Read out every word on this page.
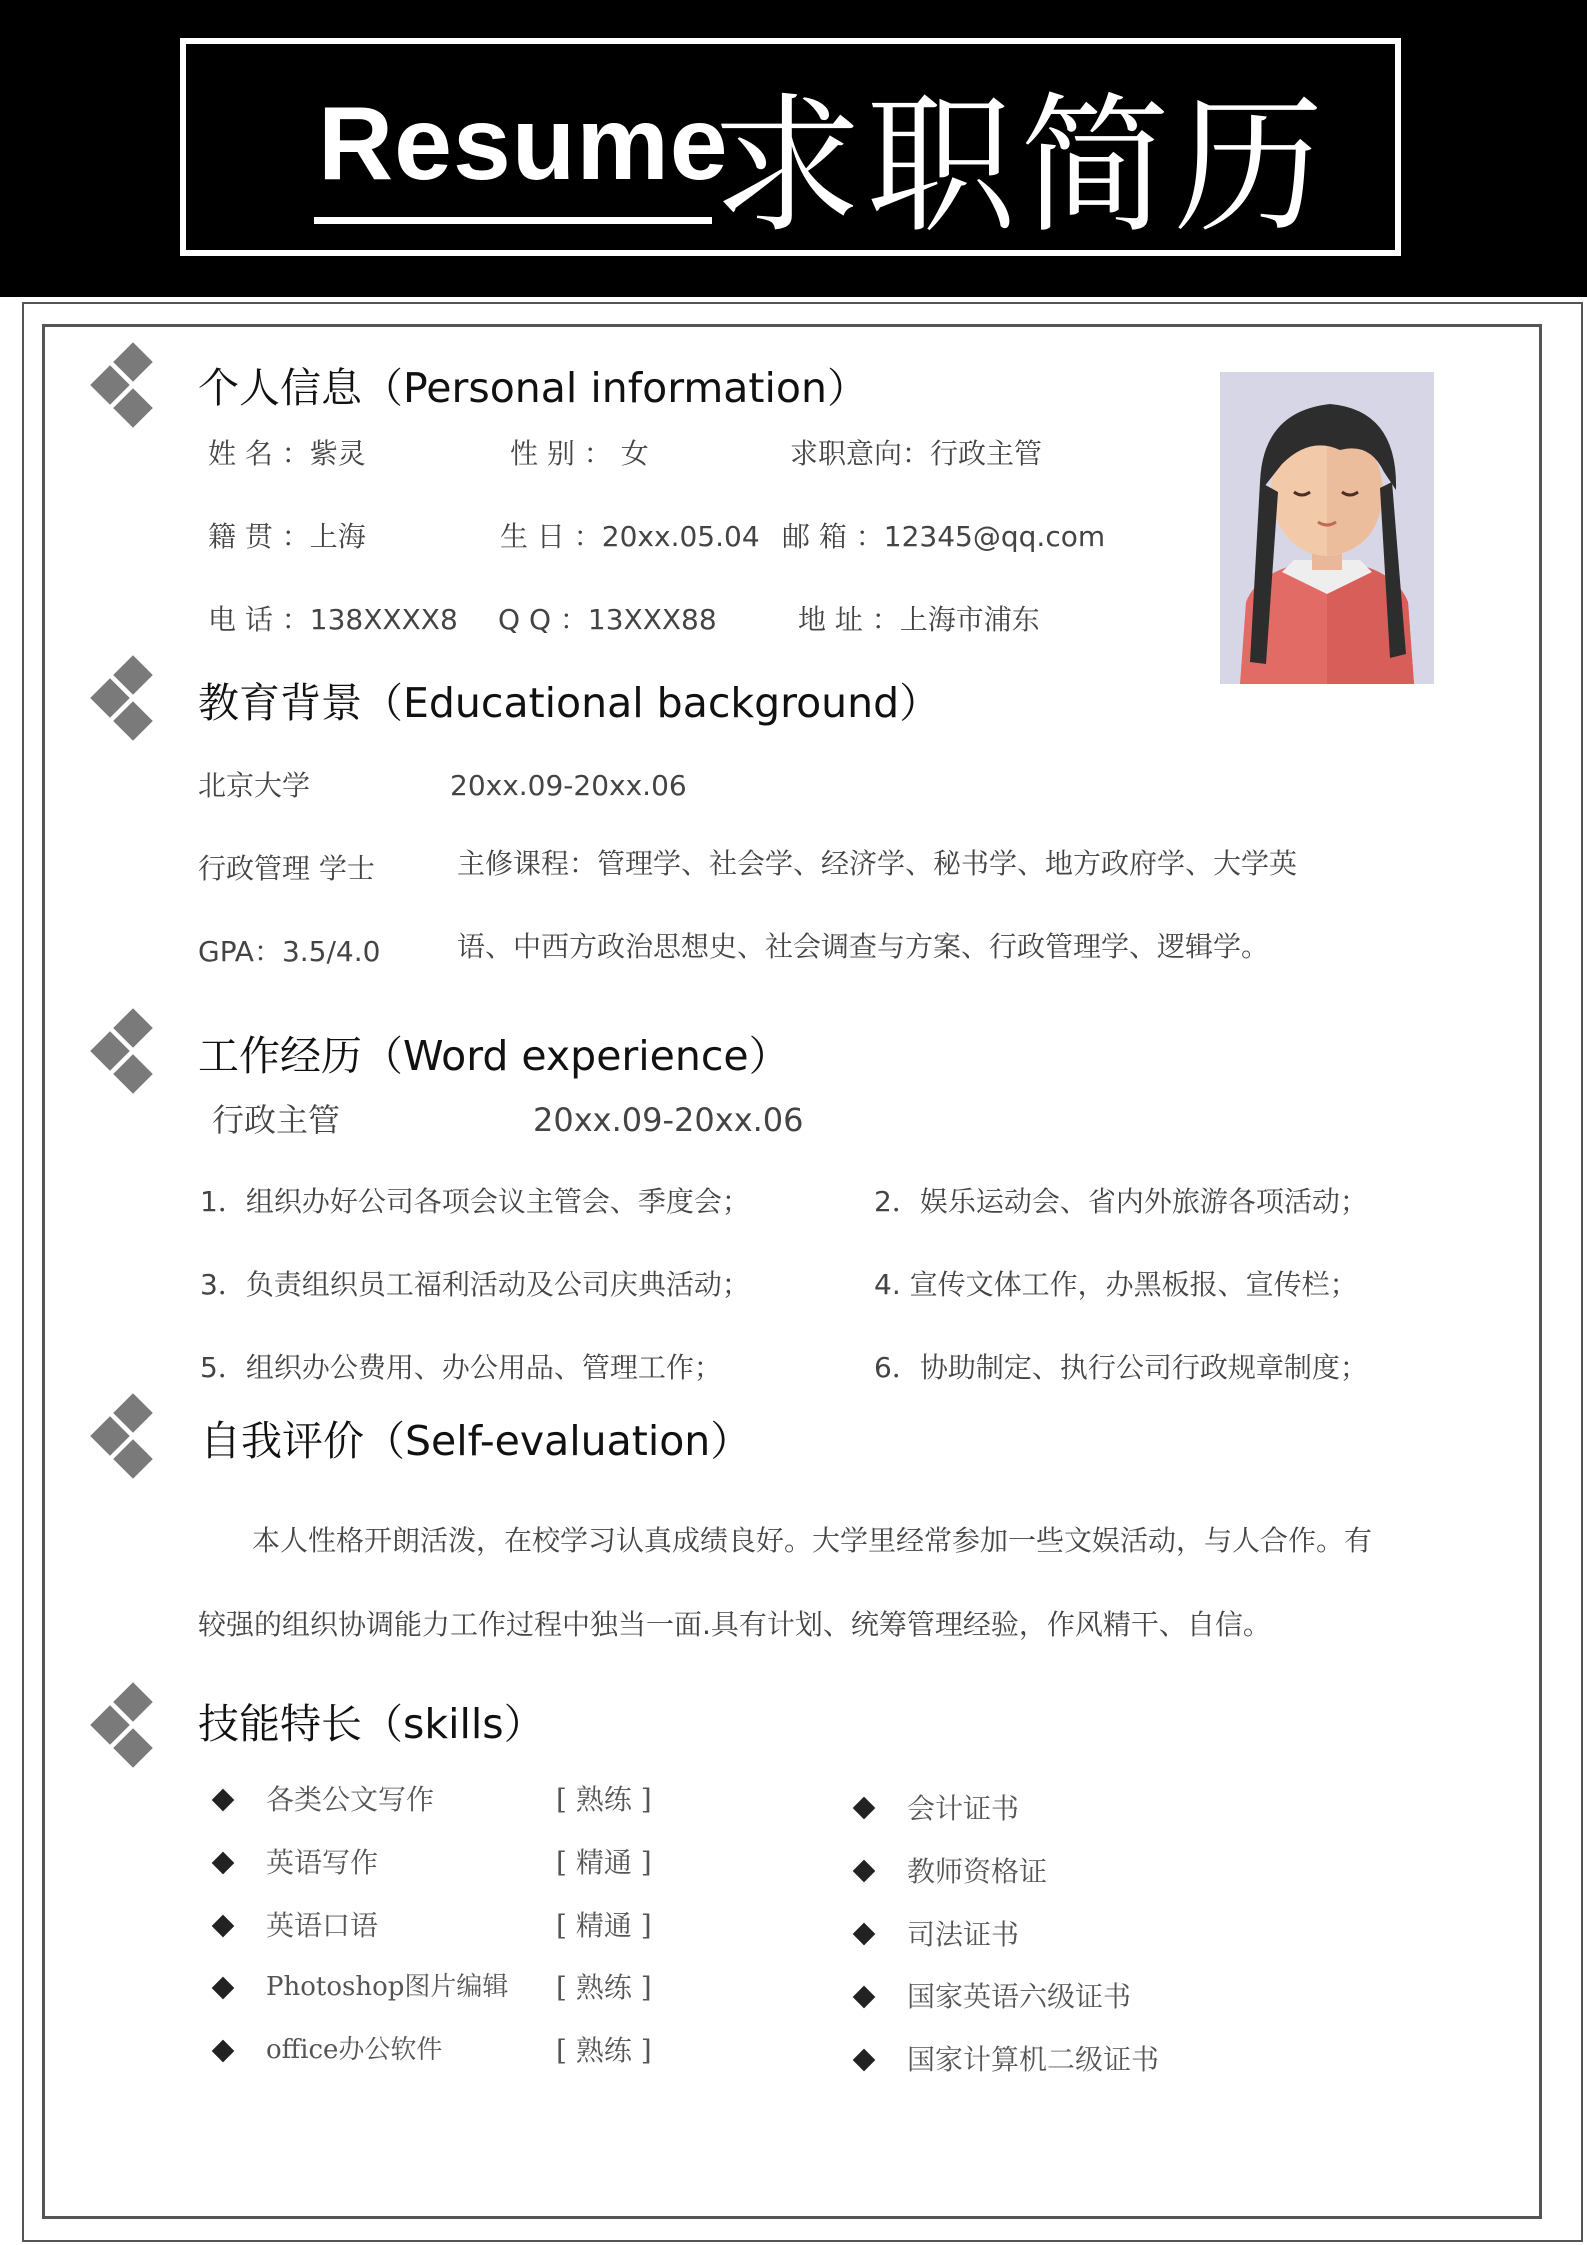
Resume
求职简历
个人信息（Personal information）
姓 名 ：紫灵	性 别 ： 女	求职意向：行政主管
籍 贯 ：上海	生 日 ：20xx.05.04 邮 箱 ：12345@qq.com
电 话 ：138XXXX8 Q Q ：13XXX88	地 址 ：上海市浦东
教育背景（Educational background）
北京大学	20xx.09-20xx.06
行政管理 学士	主修课程：管理学、社会学、经济学、秘书学、地方政府学、大学英
GPA：3.5/4.0	语、中西方政治思想史、社会调查与方案、行政管理学、逻辑学。
工作经历（Word experience）
行政主管	20xx.09-20xx.06
1．组织办好公司各项会议主管会、季度会；	2．娱乐运动会、省内外旅游各项活动；
3．负责组织员工福利活动及公司庆典活动；	4. 宣传文体工作，办黑板报、宣传栏；
5．组织办公费用、办公用品、管理工作；	6．协助制定、执行公司行政规章制度；
自我评价（Self-evaluation）
本人性格开朗活泼，在校学习认真成绩良好。大学里经常参加一些文娱活动，与人合作。有
较强的组织协调能力工作过程中独当一面.具有计划、统筹管理经验，作风精干、自信。
技能特长（skills）
各类公文写作	[ 熟练 ]
英语写作	[ 精通 ]
英语口语	[ 精通 ]
Photoshop图片编辑 [ 熟练 ]
office办公软件	[ 熟练 ]
会计证书
教师资格证
司法证书
国家英语六级证书
国家计算机二级证书
